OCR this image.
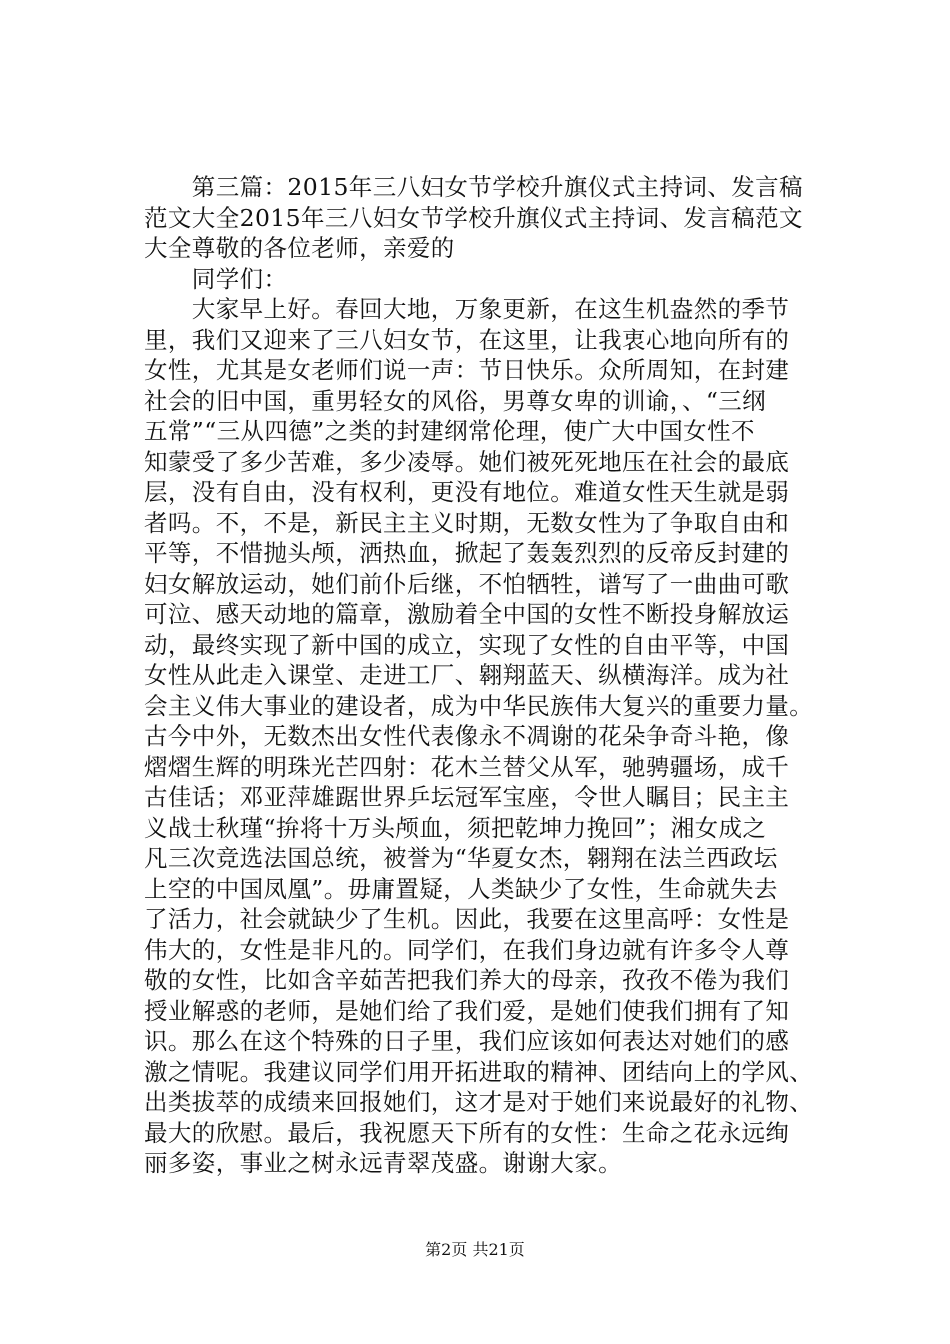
　　第三篇：2015年三八妇女节学校升旗仪式主持词、发言稿
范文大全2015年三八妇女节学校升旗仪式主持词、发言稿范文
大全尊敬的各位老师，亲爱的
　　同学们：
　　大家早上好。春回大地，万象更新，在这生机盎然的季节
里，我们又迎来了三八妇女节，在这里，让我衷心地向所有的
女性，尤其是女老师们说一声：节日快乐。众所周知，在封建
社会的旧中国，重男轻女的风俗，男尊女卑的训谕，、“三纲
五常”“三从四德”之类的封建纲常伦理，使广大中国女性不
知蒙受了多少苦难，多少凌辱。她们被死死地压在社会的最底
层，没有自由，没有权利，更没有地位。难道女性天生就是弱
者吗。不，不是，新民主主义时期，无数女性为了争取自由和
平等，不惜抛头颅，洒热血，掀起了轰轰烈烈的反帝反封建的
妇女解放运动，她们前仆后继，不怕牺牲，谱写了一曲曲可歌
可泣、感天动地的篇章，激励着全中国的女性不断投身解放运
动，最终实现了新中国的成立，实现了女性的自由平等，中国
女性从此走入课堂、走进工厂、翱翔蓝天、纵横海洋。成为社
会主义伟大事业的建设者，成为中华民族伟大复兴的重要力量。
古今中外，无数杰出女性代表像永不凋谢的花朵争奇斗艳，像
熠熠生辉的明珠光芒四射：花木兰替父从军，驰骋疆场，成千
古佳话；邓亚萍雄踞世界乒坛冠军宝座，令世人瞩目；民主主
义战士秋瑾“拚将十万头颅血，须把乾坤力挽回”；湘女成之
凡三次竞选法国总统，被誉为“华夏女杰，翱翔在法兰西政坛
上空的中国凤凰”。毋庸置疑，人类缺少了女性，生命就失去
了活力，社会就缺少了生机。因此，我要在这里高呼：女性是
伟大的，女性是非凡的。同学们，在我们身边就有许多令人尊
敬的女性，比如含辛茹苦把我们养大的母亲，孜孜不倦为我们
授业解惑的老师，是她们给了我们爱，是她们使我们拥有了知
识。那么在这个特殊的日子里，我们应该如何表达对她们的感
激之情呢。我建议同学们用开拓进取的精神、团结向上的学风、
出类拔萃的成绩来回报她们，这才是对于她们来说最好的礼物、
最大的欣慰。最后，我祝愿天下所有的女性：生命之花永远绚
丽多姿，事业之树永远青翠茂盛。谢谢大家。
第2页 共21页
